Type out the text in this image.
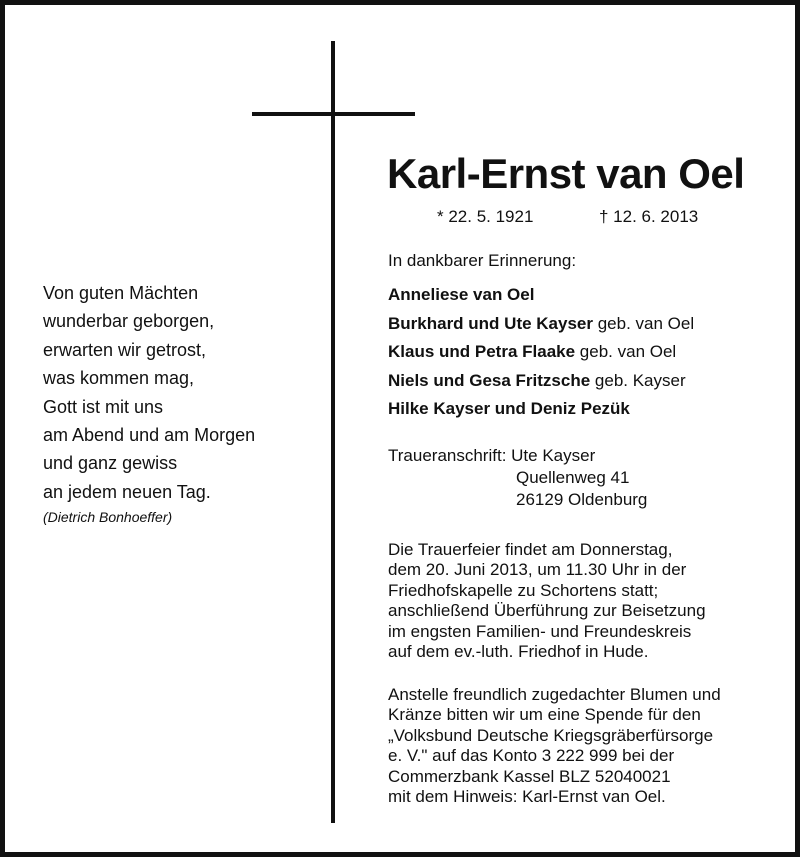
Karl-Ernst van Oel
* 22. 5. 1921	† 12. 6. 2013
Von guten Mächten
wunderbar geborgen,
erwarten wir getrost,
was kommen mag,
Gott ist mit uns
am Abend und am Morgen
und ganz gewiss
an jedem neuen Tag.
(Dietrich Bonhoeffer)
In dankbarer Erinnerung:
Anneliese van Oel
Burkhard und Ute Kayser geb. van Oel
Klaus und Petra Flaake geb. van Oel
Niels und Gesa Fritzsche geb. Kayser
Hilke Kayser und Deniz Pezük
Traueranschrift: Ute Kayser
Quellenweg 41
26129 Oldenburg
Die Trauerfeier findet am Donnerstag,
dem 20. Juni 2013, um 11.30 Uhr in der
Friedhofskapelle zu Schortens statt;
anschließend Überführung zur Beisetzung
im engsten Familien- und Freundeskreis
auf dem ev.-luth. Friedhof in Hude.
Anstelle freundlich zugedachter Blumen und
Kränze bitten wir um eine Spende für den
„Volksbund Deutsche Kriegsgräberfürsorge
e. V." auf das Konto 3 222 999 bei der
Commerzbank Kassel BLZ 52040021
mit dem Hinweis: Karl-Ernst van Oel.
